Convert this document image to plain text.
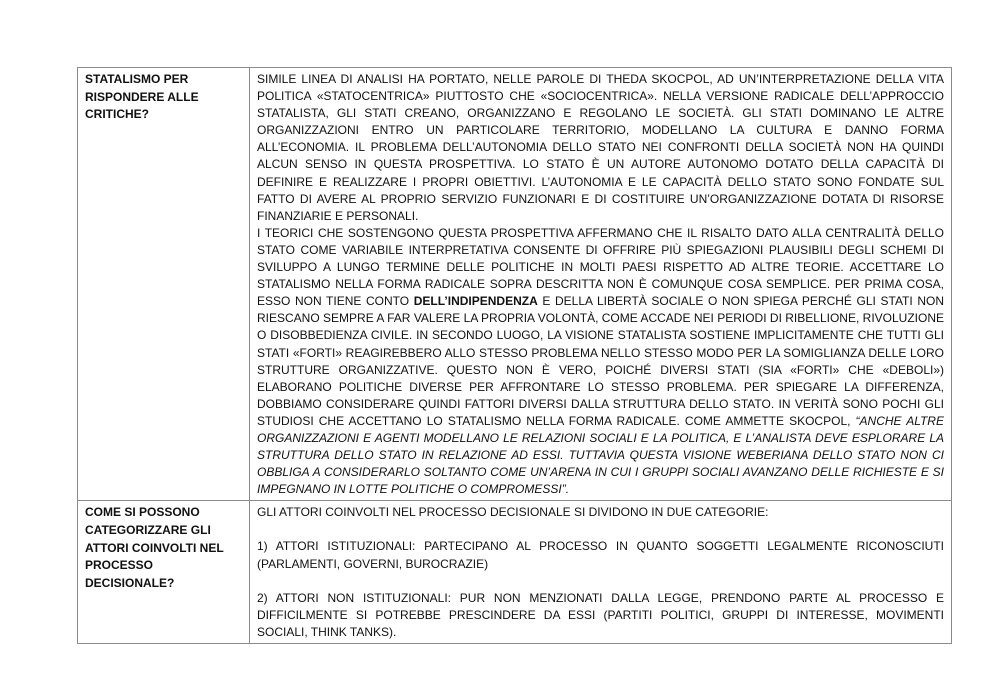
STATALISMO PER RISPONDERE ALLE CRITICHE?	SIMILE LINEA DI ANALISI HA PORTATO, NELLE PAROLE DI THEDA SKOCPOL, AD UN’INTERPRETAZIONE DELLA VITA POLITICA «STATOCENTRICA» PIUTTOSTO CHE «SOCIOCENTRICA». NELLA VERSIONE RADICALE DELL’APPROCCIO STATALISTA, GLI STATI CREANO, ORGANIZZANO E REGOLANO LE SOCIETÀ. GLI STATI DOMINANO LE ALTRE ORGANIZZAZIONI ENTRO UN PARTICOLARE TERRITORIO, MODELLANO LA CULTURA E DANNO FORMA ALL’ECONOMIA. IL PROBLEMA DELL’AUTONOMIA DELLO STATO NEI CONFRONTI DELLA SOCIETÀ NON HA QUINDI ALCUN SENSO IN QUESTA PROSPETTIVA. LO STATO È UN AUTORE AUTONOMO DOTATO DELLA CAPACITÀ DI DEFINIRE E REALIZZARE I PROPRI OBIETTIVI. L’AUTONOMIA E LE CAPACITÀ DELLO STATO SONO FONDATE SUL FATTO DI AVERE AL PROPRIO SERVIZIO FUNZIONARI E DI COSTITUIRE UN’ORGANIZZAZIONE DOTATA DI RISORSE FINANZIARIE E PERSONALI.

I TEORICI CHE SOSTENGONO QUESTA PROSPETTIVA AFFERMANO CHE IL RISALTO DATO ALLA CENTRALITÀ DELLO STATO COME VARIABILE INTERPRETATIVA CONSENTE DI OFFRIRE PIÙ SPIEGAZIONI PLAUSIBILI DEGLI SCHEMI DI SVILUPPO A LUNGO TERMINE DELLE POLITICHE IN MOLTI PAESI RISPETTO AD ALTRE TEORIE. ACCETTARE LO STATALISMO NELLA FORMA RADICALE SOPRA DESCRITTA NON È COMUNQUE COSA SEMPLICE. PER PRIMA COSA, ESSO NON TIENE CONTO DELL’INDIPENDENZA E DELLA LIBERTÀ SOCIALE O NON SPIEGA PERCHÉ GLI STATI NON RIESCANO SEMPRE A FAR VALERE LA PROPRIA VOLONTÀ, COME ACCADE NEI PERIODI DI RIBELLIONE, RIVOLUZIONE O DISOBBEDIENZA CIVILE. IN SECONDO LUOGO, LA VISIONE STATALISTA SOSTIENE IMPLICITAMENTE CHE TUTTI GLI STATI «FORTI» REAGIREBBERO ALLO STESSO PROBLEMA NELLO STESSO MODO PER LA SOMIGLIANZA DELLE LORO STRUTTURE ORGANIZZATIVE. QUESTO NON È VERO, POICHÉ DIVERSI STATI (SIA «FORTI» CHE «DEBOLI») ELABORANO POLITICHE DIVERSE PER AFFRONTARE LO STESSO PROBLEMA. PER SPIEGARE LA DIFFERENZA, DOBBIAMO CONSIDERARE QUINDI FATTORI DIVERSI DALLA STRUTTURA DELLO STATO. IN VERITÀ SONO POCHI GLI STUDIOSI CHE ACCETTANO LO STATALISMO NELLA FORMA RADICALE. COME AMMETTE SKOCPOL, “ANCHE ALTRE ORGANIZZAZIONI E AGENTI MODELLANO LE RELAZIONI SOCIALI E LA POLITICA, E L’ANALISTA DEVE ESPLORARE LA STRUTTURA DELLO STATO IN RELAZIONE AD ESSI. TUTTAVIA QUESTA VISIONE WEBERIANA DELLO STATO NON CI OBBLIGA A CONSIDERARLO SOLTANTO COME UN’ARENA IN CUI I GRUPPI SOCIALI AVANZANO DELLE RICHIESTE E SI IMPEGNANO IN LOTTE POLITICHE O COMPROMESSI”.

COME SI POSSONO CATEGORIZZARE GLI ATTORI COINVOLTI NEL PROCESSO DECISIONALE?	GLI ATTORI COINVOLTI NEL PROCESSO DECISIONALE SI DIVIDONO IN DUE CATEGORIE:

1) ATTORI ISTITUZIONALI: PARTECIPANO AL PROCESSO IN QUANTO SOGGETTI LEGALMENTE RICONOSCIUTI (PARLAMENTI, GOVERNI, BUROCRAZIE)

2) ATTORI NON ISTITUZIONALI: PUR NON MENZIONATI DALLA LEGGE, PRENDONO PARTE AL PROCESSO E DIFFICILMENTE SI POTREBBE PRESCINDERE DA ESSI (PARTITI POLITICI, GRUPPI DI INTERESSE, MOVIMENTI SOCIALI, THINK TANKS).
